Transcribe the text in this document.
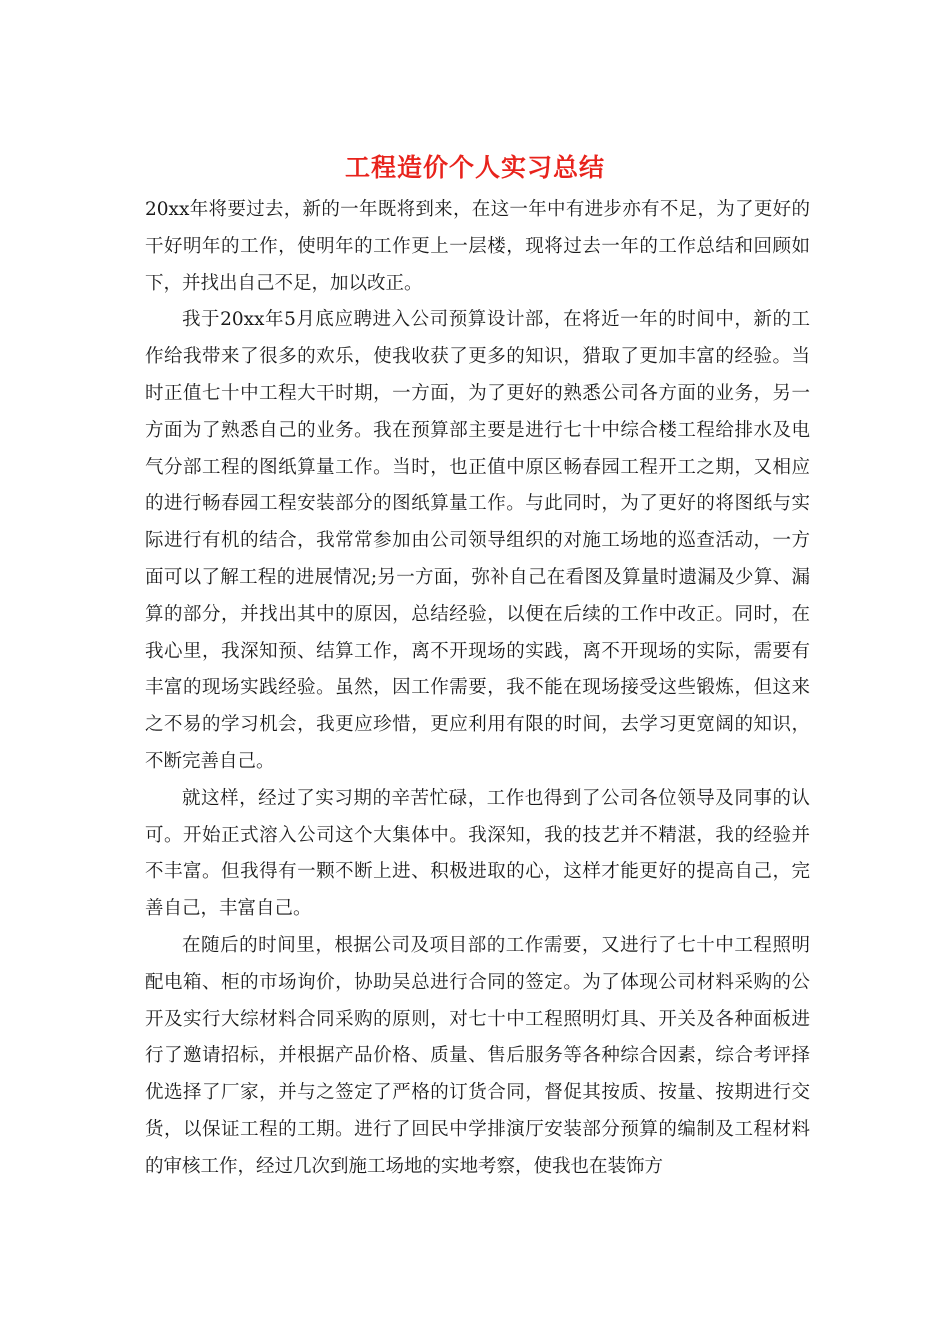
工程造价个人实习总结

20xx年将要过去，新的一年既将到来，在这一年中有进步亦有不足，为了更好的干好明年的工作，使明年的工作更上一层楼，现将过去一年的工作总结和回顾如下，并找出自己不足，加以改正。

我于20xx年5月底应聘进入公司预算设计部，在将近一年的时间中，新的工作给我带来了很多的欢乐，使我收获了更多的知识，猎取了更加丰富的经验。当时正值七十中工程大干时期，一方面，为了更好的熟悉公司各方面的业务，另一方面为了熟悉自己的业务。我在预算部主要是进行七十中综合楼工程给排水及电气分部工程的图纸算量工作。当时，也正值中原区畅春园工程开工之期，又相应的进行畅春园工程安装部分的图纸算量工作。与此同时，为了更好的将图纸与实际进行有机的结合，我常常参加由公司领导组织的对施工场地的巡查活动，一方面可以了解工程的进展情况;另一方面，弥补自己在看图及算量时遗漏及少算、漏算的部分，并找出其中的原因，总结经验，以便在后续的工作中改正。同时，在我心里，我深知预、结算工作，离不开现场的实践，离不开现场的实际，需要有丰富的现场实践经验。虽然，因工作需要，我不能在现场接受这些锻炼，但这来之不易的学习机会，我更应珍惜，更应利用有限的时间，去学习更宽阔的知识，不断完善自己。

就这样，经过了实习期的辛苦忙碌，工作也得到了公司各位领导及同事的认可。开始正式溶入公司这个大集体中。我深知，我的技艺并不精湛，我的经验并不丰富。但我得有一颗不断上进、积极进取的心，这样才能更好的提高自己，完善自己，丰富自己。

在随后的时间里，根据公司及项目部的工作需要，又进行了七十中工程照明配电箱、柜的市场询价，协助吴总进行合同的签定。为了体现公司材料采购的公开及实行大综材料合同采购的原则，对七十中工程照明灯具、开关及各种面板进行了邀请招标，并根据产品价格、质量、售后服务等各种综合因素，综合考评择优选择了厂家，并与之签定了严格的订货合同，督促其按质、按量、按期进行交货，以保证工程的工期。进行了回民中学排演厅安装部分预算的编制及工程材料的审核工作，经过几次到施工场地的实地考察，使我也在装饰方
